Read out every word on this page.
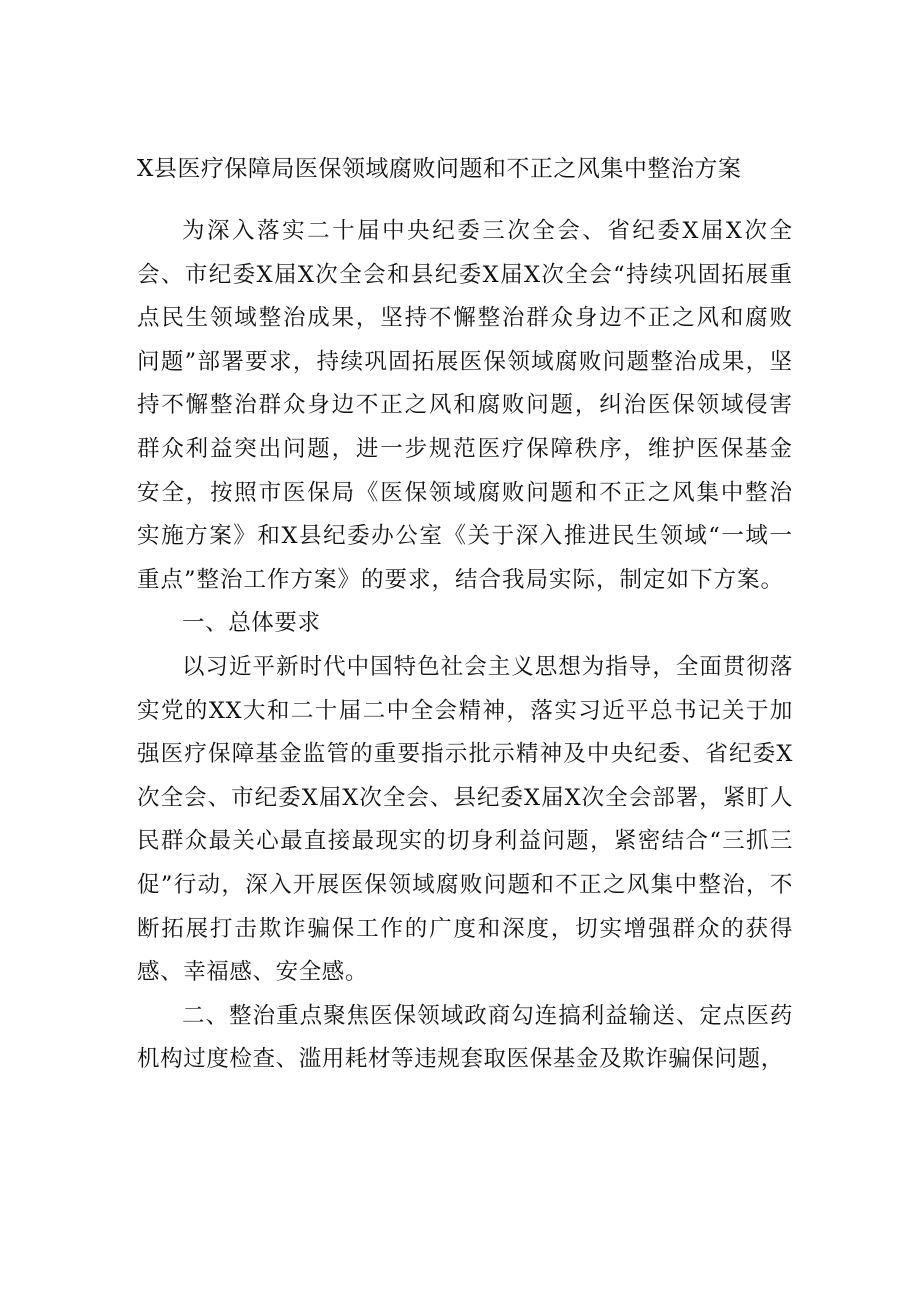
X县医疗保障局医保领域腐败问题和不正之风集中整治方案

为深入落实二十届中央纪委三次全会、省纪委X届X次全会、市纪委X届X次全会和县纪委X届X次全会“持续巩固拓展重点民生领域整治成果，坚持不懈整治群众身边不正之风和腐败问题”部署要求，持续巩固拓展医保领域腐败问题整治成果，坚持不懈整治群众身边不正之风和腐败问题，纠治医保领域侵害群众利益突出问题，进一步规范医疗保障秩序，维护医保基金安全，按照市医保局《医保领域腐败问题和不正之风集中整治实施方案》和X县纪委办公室《关于深入推进民生领域“一域一重点”整治工作方案》的要求，结合我局实际，制定如下方案。

一、总体要求

以习近平新时代中国特色社会主义思想为指导，全面贯彻落实党的XX大和二十届二中全会精神，落实习近平总书记关于加强医疗保障基金监管的重要指示批示精神及中央纪委、省纪委X次全会、市纪委X届X次全会、县纪委X届X次全会部署，紧盯人民群众最关心最直接最现实的切身利益问题，紧密结合“三抓三促”行动，深入开展医保领域腐败问题和不正之风集中整治，不断拓展打击欺诈骗保工作的广度和深度，切实增强群众的获得感、幸福感、安全感。

二、整治重点聚焦医保领域政商勾连搞利益输送、定点医药机构过度检查、滥用耗材等违规套取医保基金及欺诈骗保问题，
